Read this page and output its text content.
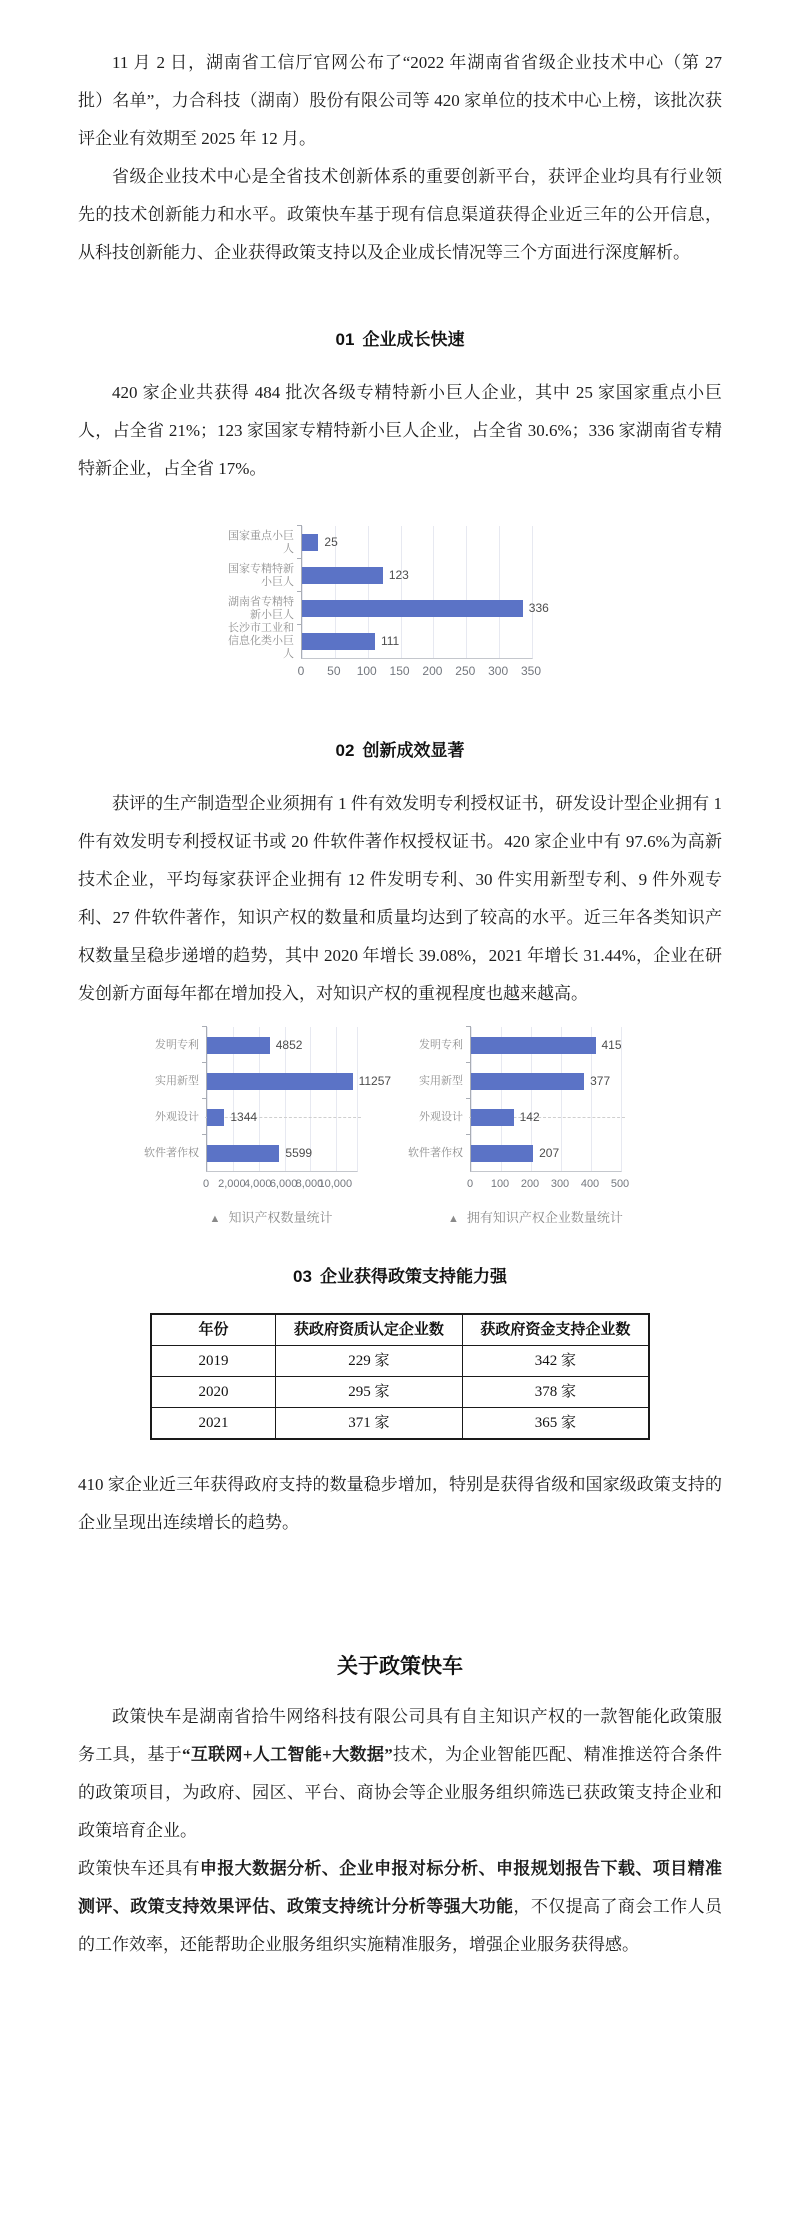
11 月 2 日，湖南省工信厅官网公布了“2022 年湖南省省级企业技术中心（第 27 批）名单”，力合科技（湖南）股份有限公司等 420 家单位的技术中心上榜，该批次获评企业有效期至 2025 年 12 月。

省级企业技术中心是全省技术创新体系的重要创新平台，获评企业均具有行业领先的技术创新能力和水平。政策快车基于现有信息渠道获得企业近三年的公开信息，从科技创新能力、企业获得政策支持以及企业成长情况等三个方面进行深度解析。

01 企业成长快速

420 家企业共获得 484 批次各级专精特新小巨人企业，其中 25 家国家重点小巨人，占全省 21%；123 家国家专精特新小巨人企业，占全省 30.6%；336 家湖南省专精特新企业，占全省 17%。

国家重点小巨人
国家专精特新小巨人
湖南省专精特新小巨人
长沙市工业和信息化类小巨人
25
123
336
111
0 50 100 150 200 250 300 350
02 创新成效显著

获评的生产制造型企业须拥有 1 件有效发明专利授权证书，研发设计型企业拥有 1 件有效发明专利授权证书或 20 件软件著作权授权证书。420 家企业中有 97.6%为高新技术企业，平均每家获评企业拥有 12 件发明专利、30 件实用新型专利、9 件外观专利、27 件软件著作，知识产权的数量和质量均达到了较高的水平。近三年各类知识产权数量呈稳步递增的趋势，其中 2020 年增长 39.08%，2021 年增长 31.44%，企业在研发创新方面每年都在增加投入，对知识产权的重视程度也越来越高。

发明专利
实用新型
外观设计
软件著作权
4852
11257
1344
5599
0 2,000
4,000
6,000
8,000
10,000
▲ 知识产权数量统计
发明专利
实用新型
外观设计
软件著作权
415
377
142
207
0 100 200 300 400 500
▲ 拥有知识产权企业数量统计
03 企业获得政策支持能力强
年份	获政府资质认定企业数	获政府资金支持企业数
2019	229 家	342 家
2020	295 家	378 家
2021	371 家	365 家

410 家企业近三年获得政府支持的数量稳步增加，特别是获得省级和国家级政策支持的企业呈现出连续增长的趋势。

关于政策快车

政策快车是湖南省拾牛网络科技有限公司具有自主知识产权的一款智能化政策服务工具，基于“互联网+人工智能+大数据”技术，为企业智能匹配、精准推送符合条件的政策项目，为政府、园区、平台、商协会等企业服务组织筛选已获政策支持企业和政策培育企业。

政策快车还具有申报大数据分析、企业申报对标分析、申报规划报告下载、项目精准测评、政策支持效果评估、政策支持统计分析等强大功能，不仅提高了商会工作人员的工作效率，还能帮助企业服务组织实施精准服务，增强企业服务获得感。
